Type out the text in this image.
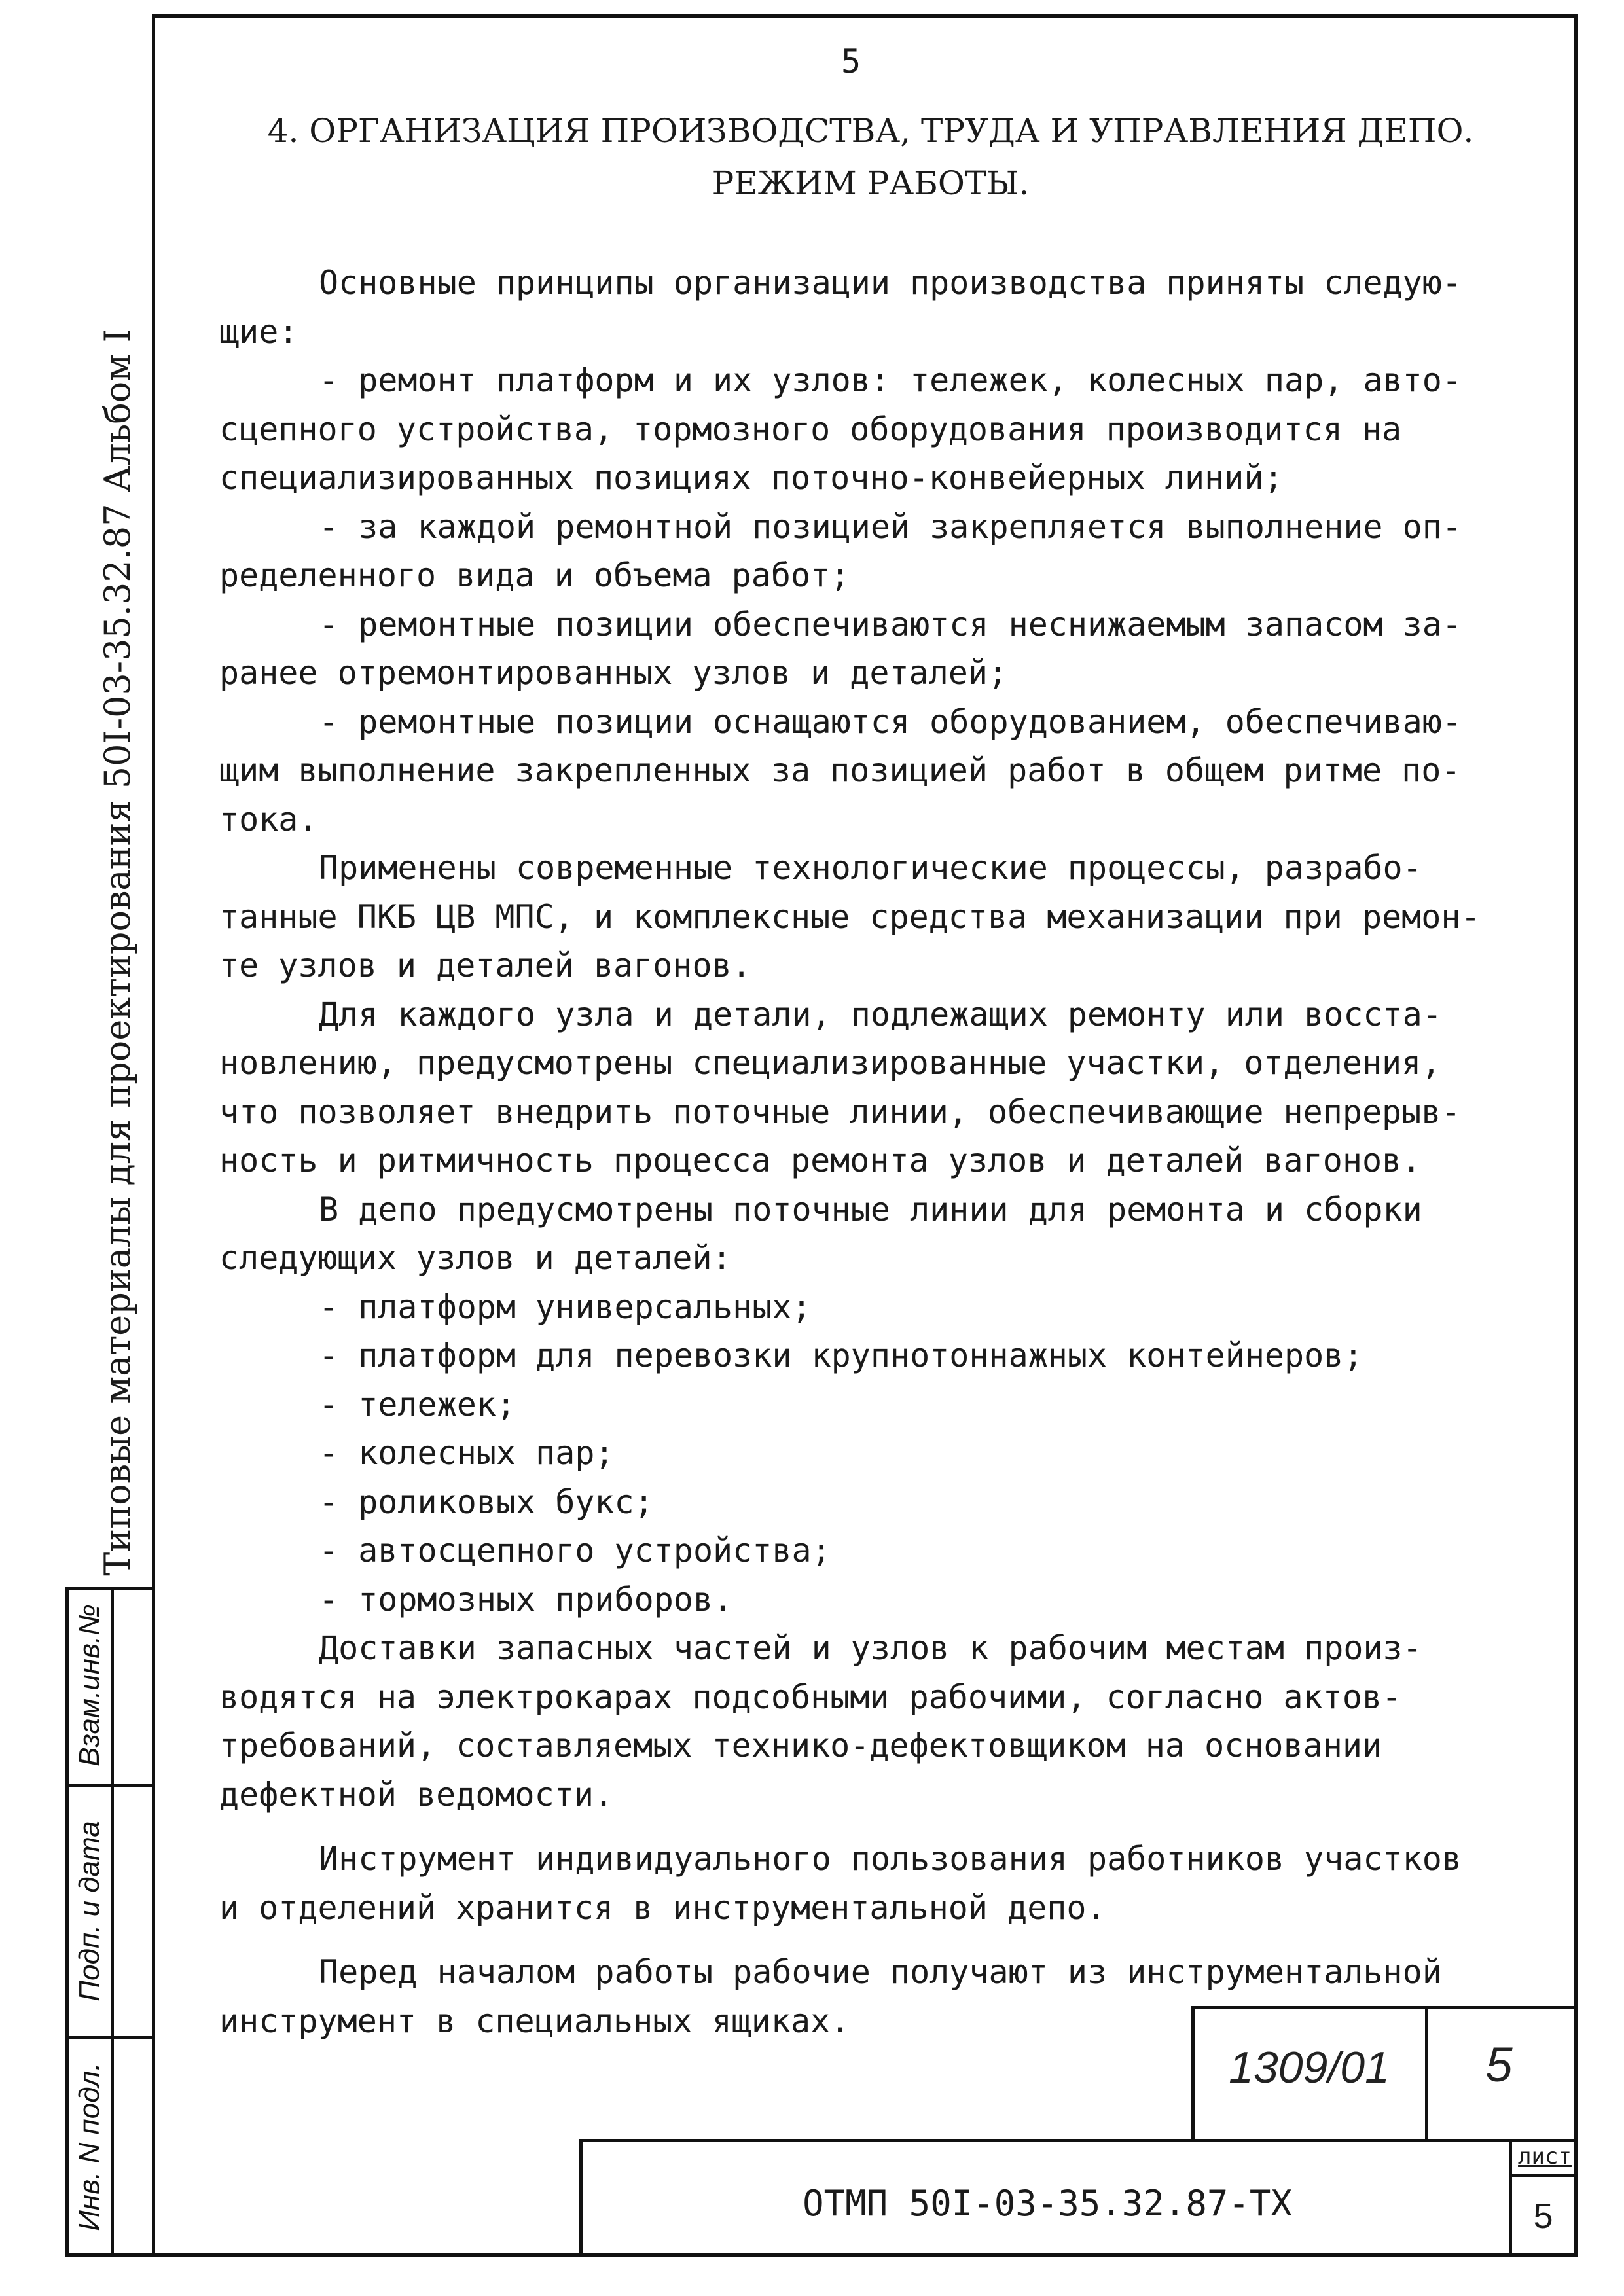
Типовые материалы для проектирования 50I-03-35.32.87 Альбом I
Взам.инв.№
Подп. и дата
Инв. N подл.
5
4. ОРГАНИЗАЦИЯ ПРОИЗВОДСТВА, ТРУДА И УПРАВЛЕНИЯ ДЕПО.
РЕЖИМ РАБОТЫ.
Основные принципы организации производства приняты следую-
щие:
- ремонт платформ и их узлов: тележек, колесных пар, авто-
сцепного устройства, тормозного оборудования производится на
специализированных позициях поточно-конвейерных линий;
- за каждой ремонтной позицией закрепляется выполнение оп-
ределенного вида и объема работ;
- ремонтные позиции обеспечиваются неснижаемым запасом за-
ранее отремонтированных узлов и деталей;
- ремонтные позиции оснащаются оборудованием, обеспечиваю-
щим выполнение закрепленных за позицией работ в общем ритме по-
тока.
Применены современные технологические процессы, разрабо-
танные ПКБ ЦВ МПС, и комплексные средства механизации при ремон-
те узлов и деталей вагонов.
Для каждого узла и детали, подлежащих ремонту или восста-
новлению, предусмотрены специализированные участки, отделения,
что позволяет внедрить поточные линии, обеспечивающие непрерыв-
ность и ритмичность процесса ремонта узлов и деталей вагонов.
В депо предусмотрены поточные линии для ремонта и сборки
следующих узлов и деталей:
- платформ универсальных;
- платформ для перевозки крупнотоннажных контейнеров;
- тележек;
- колесных пар;
- роликовых букс;
- автосцепного устройства;
- тормозных приборов.
Доставки запасных частей и узлов к рабочим местам произ-
водятся на электрокарах подсобными рабочими, согласно актов-
требований, составляемых технико-дефектовщиком на основании
дефектной ведомости.
Инструмент индивидуального пользования работников участков
и отделений хранится в инструментальной депо.
Перед началом работы рабочие получают из инструментальной
инструмент в специальных ящиках.
1309/01	5
ОТМП 50I-03-35.32.87-ТХ
лист
5
